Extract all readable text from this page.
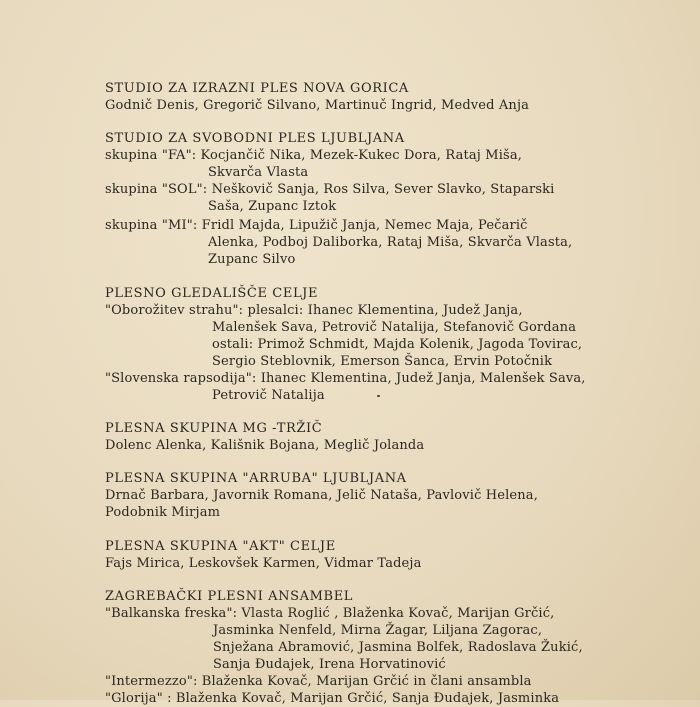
STUDIO ZA IZRAZNI PLES NOVA GORICA
Godnič Denis, Gregorič Silvano, Martinuč Ingrid, Medved Anja
STUDIO ZA SVOBODNI PLES LJUBLJANA
skupina "FA": Kocjančič Nika, Mezek-Kukec Dora, Rataj Miša,
Skvarča Vlasta
skupina "SOL": Neškovič Sanja, Ros Silva, Sever Slavko, Staparski
Saša, Zupanc Iztok
skupina "MI": Fridl Majda, Lipužič Janja, Nemec Maja, Pečarič
Alenka, Podboj Daliborka, Rataj Miša, Skvarča Vlasta,
Zupanc Silvo
PLESNO GLEDALIŠČE CELJE
"Oborožitev strahu": plesalci: Ihanec Klementina, Judež Janja,
Malenšek Sava, Petrovič Natalija, Stefanovič Gordana
ostali: Primož Schmidt, Majda Kolenik, Jagoda Tovirac,
Sergio Steblovnik, Emerson Šanca, Ervin Potočnik
"Slovenska rapsodija": Ihanec Klementina, Judež Janja, Malenšek Sava,
Petrovič Natalija
PLESNA SKUPINA MG -TRŽIČ
Dolenc Alenka, Kališnik Bojana, Meglič Jolanda
PLESNA SKUPINA "ARRUBA" LJUBLJANA
Drnač Barbara, Javornik Romana, Jelič Nataša, Pavlovič Helena,
Podobnik Mirjam
PLESNA SKUPINA "AKT" CELJE
Fajs Mirica, Leskovšek Karmen, Vidmar Tadeja
ZAGREBAČKI PLESNI ANSAMBEL
"Balkanska freska": Vlasta Roglić , Blaženka Kovač, Marijan Grčić,
Jasminka Nenfeld, Mirna Žagar, Liljana Zagorac,
Snježana Abramović, Jasmina Bolfek, Radoslava Žukić,
Sanja Đudajek, Irena Horvatinović
"Intermezzo": Blaženka Kovač, Marijan Grčić in člani ansambla
"Glorija" : Blaženka Kovač, Marijan Grčić, Sanja Đudajek, Jasminka
